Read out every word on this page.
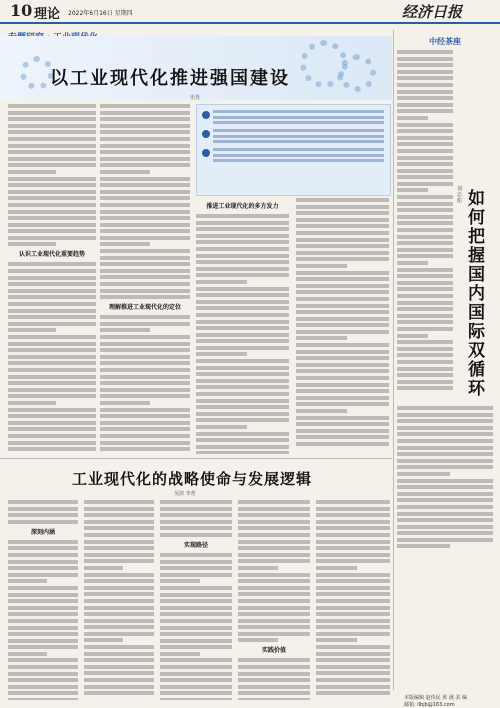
10 理论 2022年6月16日 星期四	经济日报
以工业现代化推进强国建设
史丹
认识工业现代化重要趋势
理解推进工业现代化的定位
推进工业现代化的多方发力
中经茶座
如何把握国内国际双循环
刘志彪
工业现代化的战略使命与发展逻辑
吴滨 李普
深刻内涵
实现路径
实践价值
本版编辑 赵伟民 黄 满 美 编
邮箱: llbjb@163.com
